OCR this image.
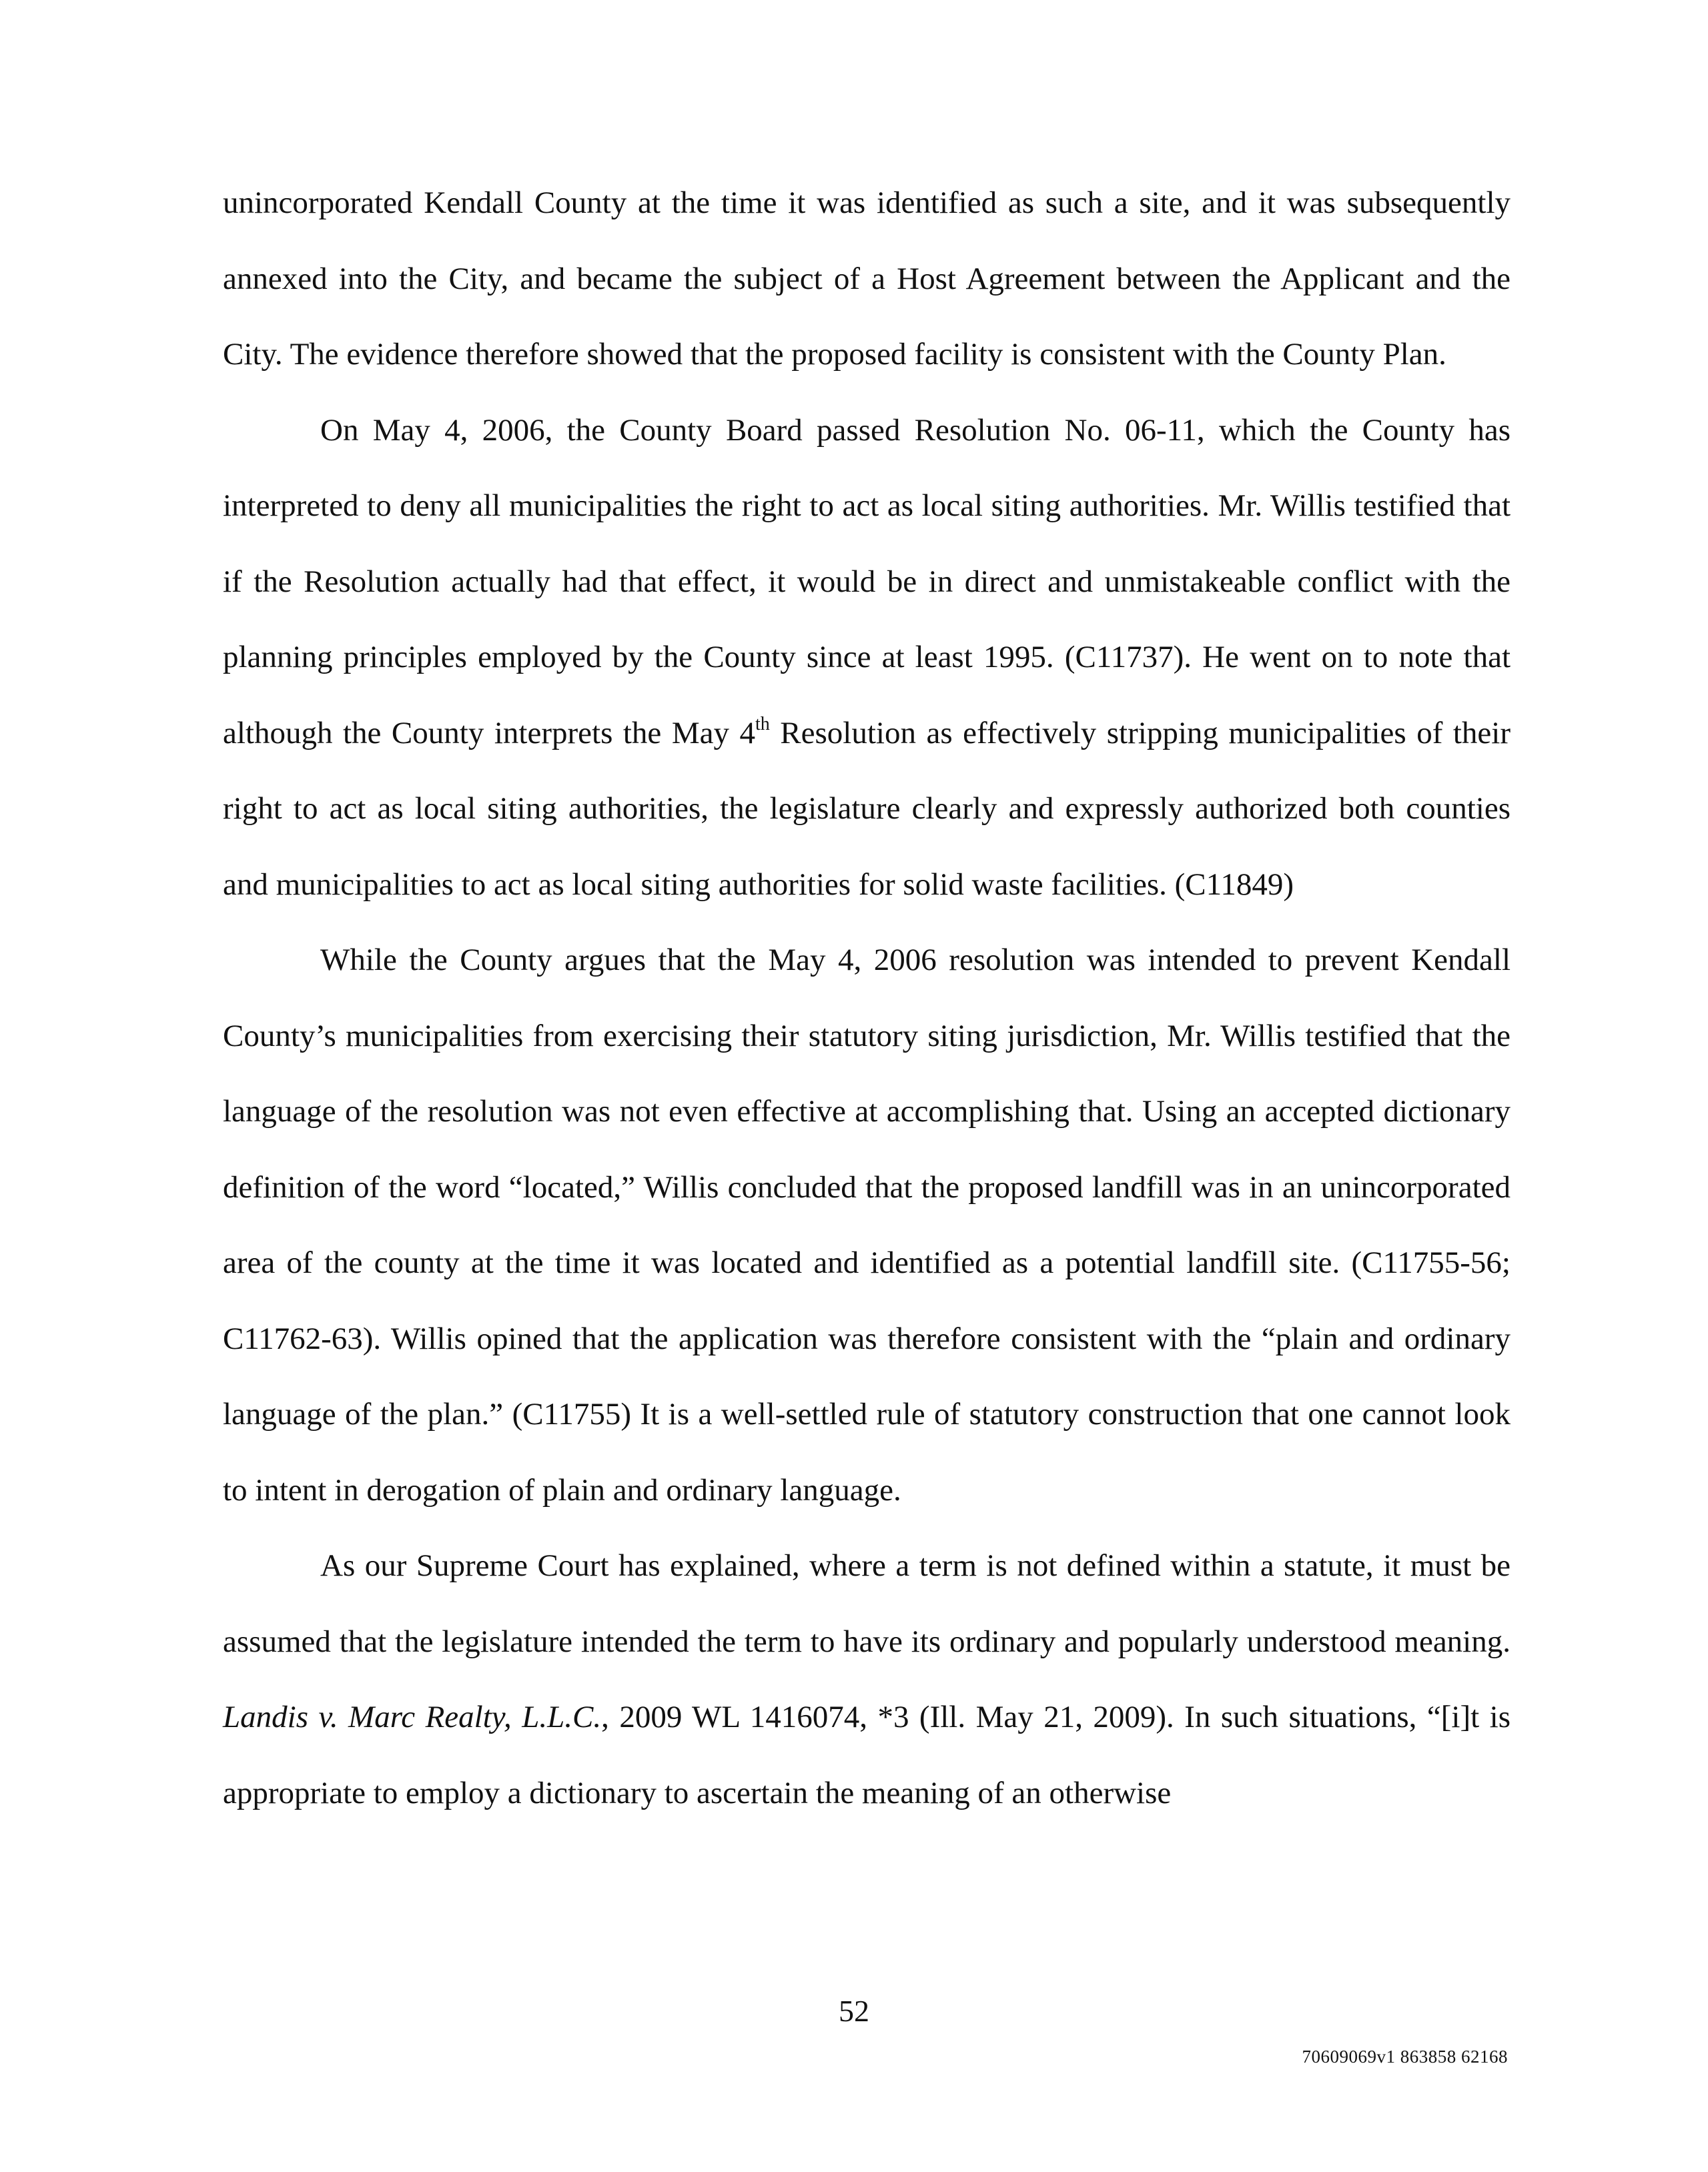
unincorporated Kendall County at the time it was identified as such a site, and it was subsequently annexed into the City, and became the subject of a Host Agreement between the Applicant and the City. The evidence therefore showed that the proposed facility is consistent with the County Plan.

On May 4, 2006, the County Board passed Resolution No. 06-11, which the County has interpreted to deny all municipalities the right to act as local siting authorities. Mr. Willis testified that if the Resolution actually had that effect, it would be in direct and unmistakeable conflict with the planning principles employed by the County since at least 1995. (C11737). He went on to note that although the County interprets the May 4th Resolution as effectively stripping municipalities of their right to act as local siting authorities, the legislature clearly and expressly authorized both counties and municipalities to act as local siting authorities for solid waste facilities. (C11849)

While the County argues that the May 4, 2006 resolution was intended to prevent Kendall County’s municipalities from exercising their statutory siting jurisdiction, Mr. Willis testified that the language of the resolution was not even effective at accomplishing that. Using an accepted dictionary definition of the word “located,” Willis concluded that the proposed landfill was in an unincorporated area of the county at the time it was located and identified as a potential landfill site. (C11755-56; C11762-63). Willis opined that the application was therefore consistent with the “plain and ordinary language of the plan.” (C11755) It is a well-settled rule of statutory construction that one cannot look to intent in derogation of plain and ordinary language.

As our Supreme Court has explained, where a term is not defined within a statute, it must be assumed that the legislature intended the term to have its ordinary and popularly understood meaning. Landis v. Marc Realty, L.L.C., 2009 WL 1416074, *3 (Ill. May 21, 2009). In such situations, “[i]t is appropriate to employ a dictionary to ascertain the meaning of an otherwise

52
70609069v1 863858 62168
